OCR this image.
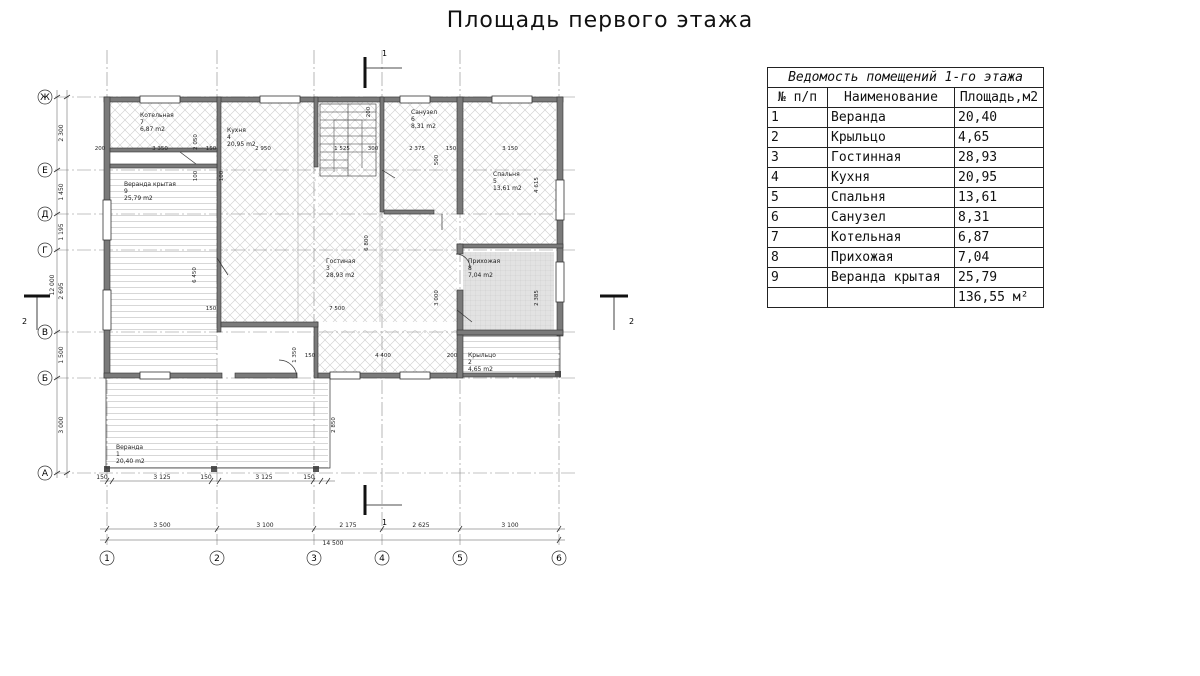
Площадь первого этажа
Ж
Е
Д
Г
В
Б
А
1	2	3	4	5	6
150	3 125	150	3 125	150
3 500	3 100	2 175	2 625	3 100
14 500
2 300
1 450
1 195
2 695
1 500
3 000
12 000
200	3 350	150	2 950	1 525	300	2 375	150	3 150
2 050
100
6 450
150	7 500
150	4 400	200
1 350
2 850
500
3 000	2 385
4 615
6 800
100
200
Котельная
7
6,87 m2	Кухня
4
20,95 m2
Санузел
6
8,31 m2
Спальня
5
13,61 m2
Веранда крытая
9
25,79 m2
Гостиная
3
28,93 m2
Прихожая
8
7,04 m2
Крыльцо
2
4,65 m2
Веранда
1
20,40 m2
1
1
2	2
Ведомость помещений 1-го этажа		
№ п/п	Наименование	Площадь,м2
1	Веранда	20,40
2	Крыльцо	4,65
3	Гостинная	28,93
4	Кухня	20,95
5	Спальня	13,61
6	Санузел	8,31
7	Котельная	6,87
8	Прихожая	7,04
9	Веранда крытая	25,79
		136,55 м²
